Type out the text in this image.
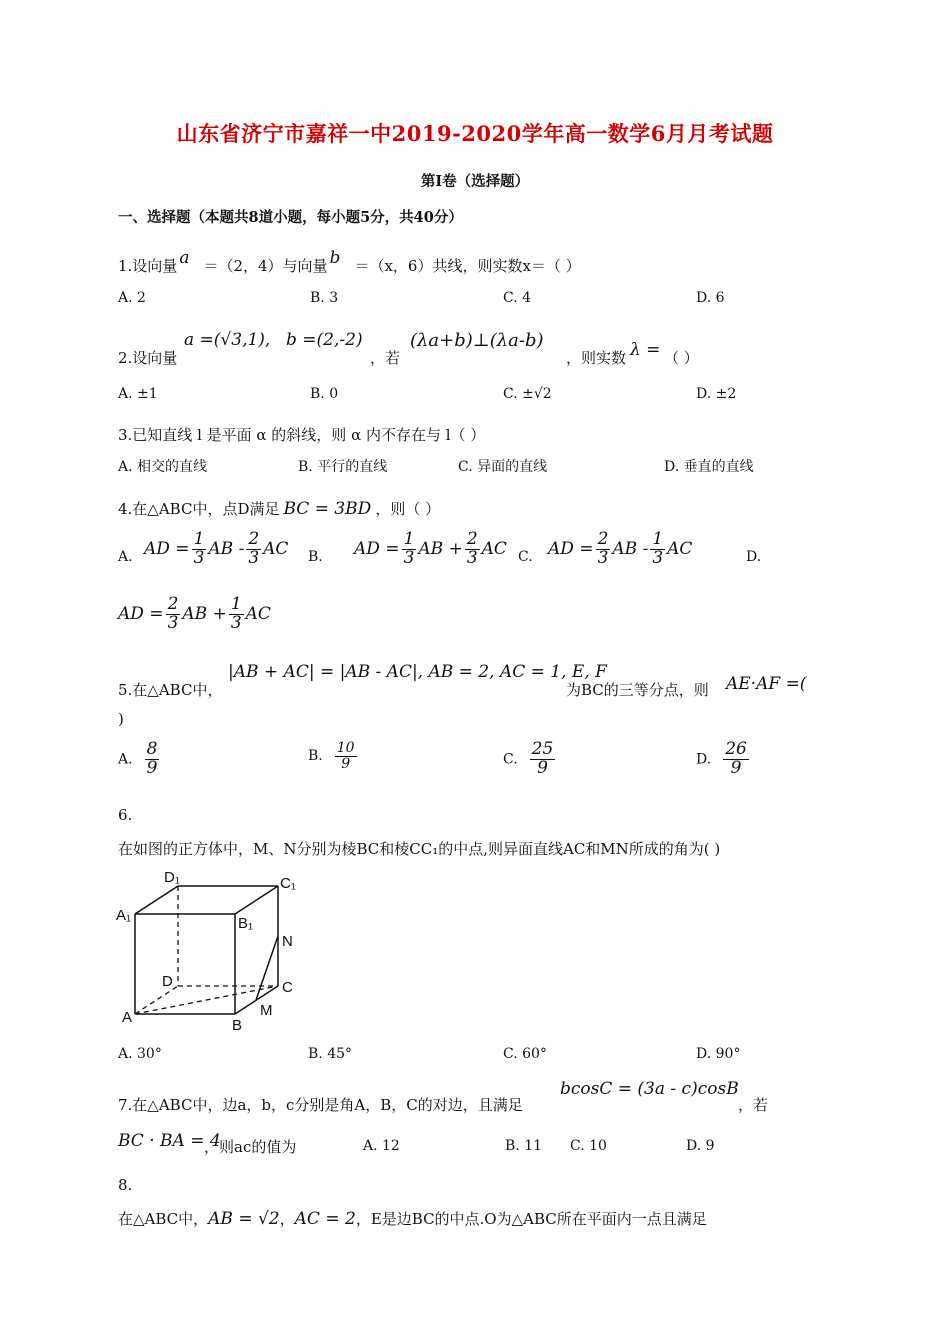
山东省济宁市嘉祥一中2019-2020学年高一数学6月月考试题
第Ⅰ卷（选择题）
一、选择题（本题共8道小题，每小题5分，共40分）
1.设向量 a ＝（2，4）与向量 b ＝（x，6）共线，则实数x＝（ ）
A. 2	B. 3	C. 4	D. 6
2.设向量
a =(√3,1), b =(2,-2)
，若
(λa+b)⊥(λa-b)
，则实数 λ = （ ）
A. ±1	B. 0	C. ±√2	D. ±2
3.已知直线 l 是平面 α 的斜线，则 α 内不存在与 l（ ）
A. 相交的直线	B. 平行的直线	C. 异面的直线	D. 垂直的直线
4.在△ABC中，点D满足 BC = 3BD ，则（ ）
A. AD = $\frac{1}{3}$ AB - $\frac{2}{3}$ AC B. AD = $\frac{1}{3}$ AB + $\frac{2}{3}$ AC C. AD = $\frac{2}{3}$ AB - $\frac{1}{3}$ AC	D.
AD = $\frac{2}{3}$ AB + $\frac{1}{3}$ AC
5.在△ABC中，
|AB + AC| = |AB - AC|, AB = 2, AC = 1, E, F
为BC的三等分点，则 AE·AF =(
)
A. $\frac{8}{9}$	B. $\frac{10}{9}$	C. $\frac{25}{9}$	D. $\frac{26}{9}$
6.
在如图的正方体中，M、N分别为棱BC和棱CC₁的中点,则异面直线AC和MN所成的角为( )
D₁	C₁
A₁	B₁
N
D	C
A	B
M
A. 30°	B. 45°	C. 60°	D. 90°
7.在△ABC中，边a，b，c分别是角A，B，C的对边，且满足
bcosC = (3a - c)cosB
，若
BC · BA = 4
，则ac的值为	A. 12	B. 11 C. 10	D. 9
8.
在△ABC中，AB = √2，AC = 2，E是边BC的中点.O为△ABC所在平面内一点且满足
